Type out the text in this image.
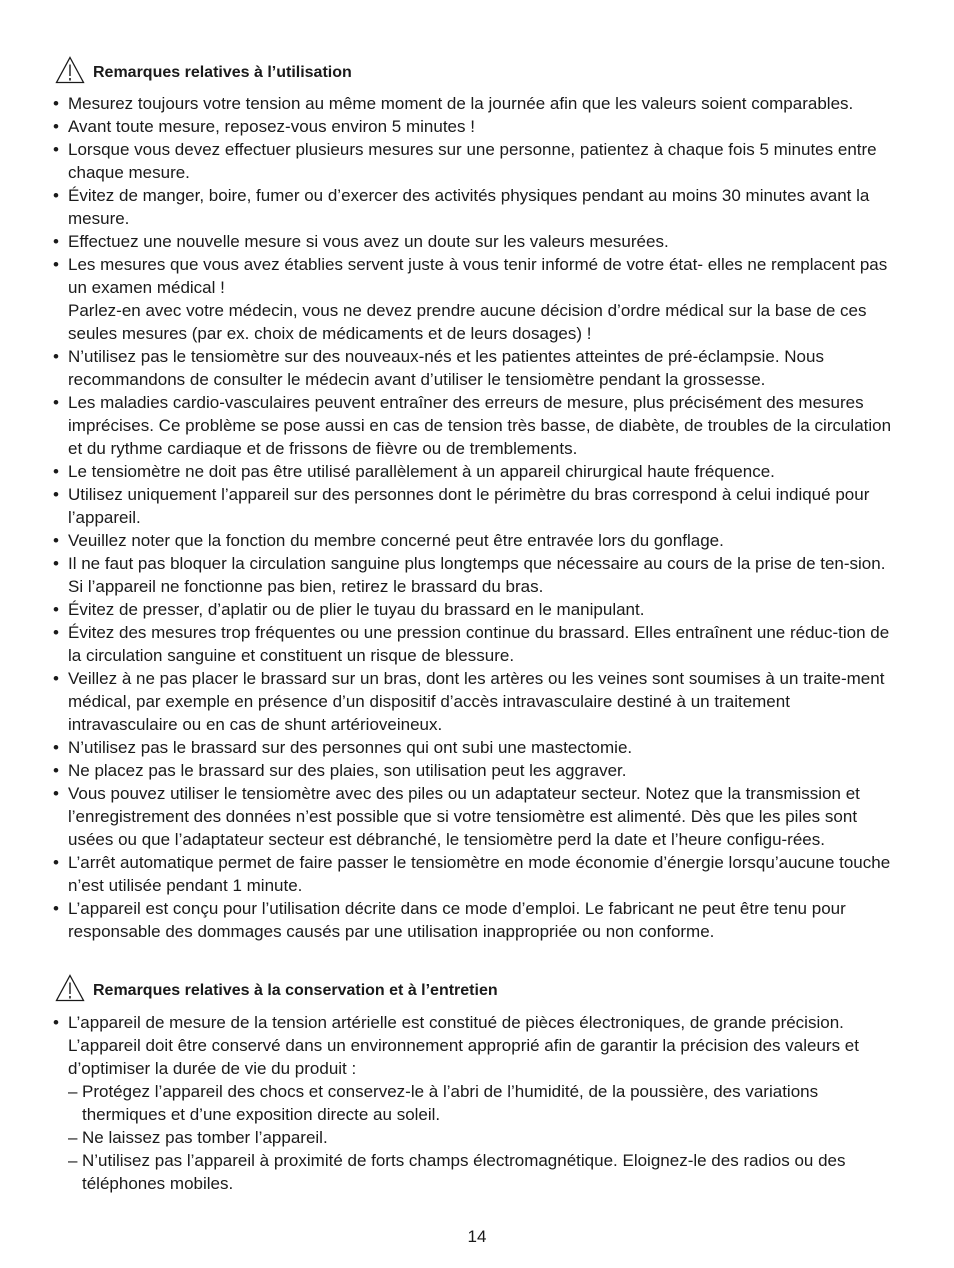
Remarques relatives à l’utilisation
• Mesurez toujours votre tension au même moment de la journée afin que les valeurs soient comparables.
• Avant toute mesure, reposez-vous environ 5 minutes !
• Lorsque vous devez effectuer plusieurs mesures sur une personne, patientez à chaque fois 5 minutes entre chaque mesure.
• Évitez de manger, boire, fumer ou d’exercer des activités physiques pendant au moins 30 minutes avant la mesure.
• Effectuez une nouvelle mesure si vous avez un doute sur les valeurs mesurées.
• Les mesures que vous avez établies servent juste à vous tenir informé de votre état- elles ne remplacent pas un examen médical !
Parlez-en avec votre médecin, vous ne devez prendre aucune décision d’ordre médical sur la base de ces seules mesures (par ex. choix de médicaments et de leurs dosages) !
• N’utilisez pas le tensiomètre sur des nouveaux-nés et les patientes atteintes de pré-éclampsie. Nous recommandons de consulter le médecin avant d’utiliser le tensiomètre pendant la grossesse.
• Les maladies cardio-vasculaires peuvent entraîner des erreurs de mesure, plus précisément des mesures imprécises. Ce problème se pose aussi en cas de tension très basse, de diabète, de troubles de la circulation et du rythme cardiaque et de frissons de fièvre ou de tremblements.
• Le tensiomètre ne doit pas être utilisé parallèlement à un appareil chirurgical haute fréquence.
• Utilisez uniquement l’appareil sur des personnes dont le périmètre du bras correspond à celui indiqué pour l’appareil.
• Veuillez noter que la fonction du membre concerné peut être entravée lors du gonflage.
• Il ne faut pas bloquer la circulation sanguine plus longtemps que nécessaire au cours de la prise de ten-sion. Si l’appareil ne fonctionne pas bien, retirez le brassard du bras.
• Évitez de presser, d’aplatir ou de plier le tuyau du brassard en le manipulant.
• Évitez des mesures trop fréquentes ou une pression continue du brassard. Elles entraînent une réduc-tion de la circulation sanguine et constituent un risque de blessure.
• Veillez à ne pas placer le brassard sur un bras, dont les artères ou les veines sont soumises à un traite-ment médical, par exemple en présence d’un dispositif d’accès intravasculaire destiné à un traitement intravasculaire ou en cas de shunt artérioveineux.
• N’utilisez pas le brassard sur des personnes qui ont subi une mastectomie.
• Ne placez pas le brassard sur des plaies, son utilisation peut les aggraver.
• Vous pouvez utiliser le tensiomètre avec des piles ou un adaptateur secteur. Notez que la transmission et l’enregistrement des données n’est possible que si votre tensiomètre est alimenté. Dès que les piles sont usées ou que l’adaptateur secteur est débranché, le tensiomètre perd la date et l’heure configu-rées.
• L’arrêt automatique permet de faire passer le tensiomètre en mode économie d’énergie lorsqu’aucune touche n’est utilisée pendant 1 minute.
• L’appareil est conçu pour l’utilisation décrite dans ce mode d’emploi. Le fabricant ne peut être tenu pour responsable des dommages causés par une utilisation inappropriée ou non conforme.
Remarques relatives à la conservation et à l’entretien
• L’appareil de mesure de la tension artérielle est constitué de pièces électroniques, de grande précision. L’appareil doit être conservé dans un environnement approprié afin de garantir la précision des valeurs et d’optimiser la durée de vie du produit :
– Protégez l’appareil des chocs et conservez-le à l’abri de l’humidité, de la poussière, des variations thermiques et d’une exposition directe au soleil.
– Ne laissez pas tomber l’appareil.
– N’utilisez pas l’appareil à proximité de forts champs électromagnétique. Eloignez-le des radios ou des téléphones mobiles.
14
